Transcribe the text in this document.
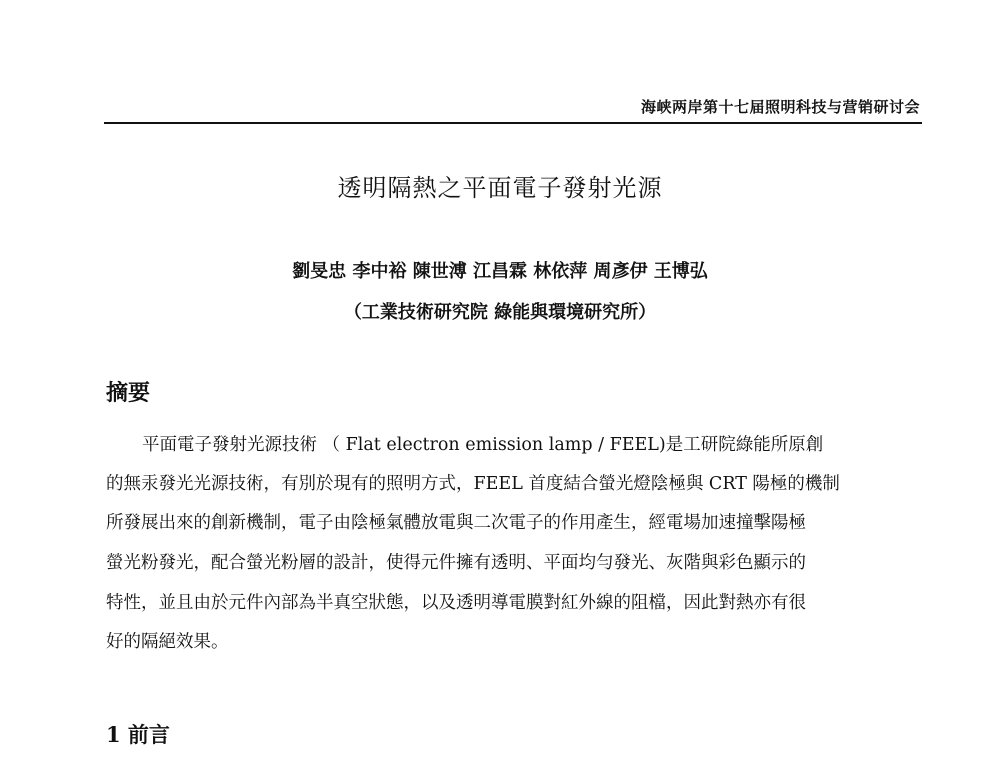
海峡两岸第十七届照明科技与营销研讨会
透明隔熱之平面電子發射光源
劉旻忠 李中裕 陳世溥 江昌霖 林依萍 周彥伊 王博弘
（工業技術研究院 綠能與環境研究所）
摘要
平面電子發射光源技術 （ Flat electron emission lamp / FEEL)是工研院綠能所原創
的無汞發光光源技術，有別於現有的照明方式，FEEL 首度結合螢光燈陰極與 CRT 陽極的機制
所發展出來的創新機制，電子由陰極氣體放電與二次電子的作用產生，經電場加速撞擊陽極
螢光粉發光，配合螢光粉層的設計，使得元件擁有透明、平面均勻發光、灰階與彩色顯示的
特性，並且由於元件內部為半真空狀態，以及透明導電膜對紅外線的阻檔，因此對熱亦有很
好的隔絕效果。
1 前言
